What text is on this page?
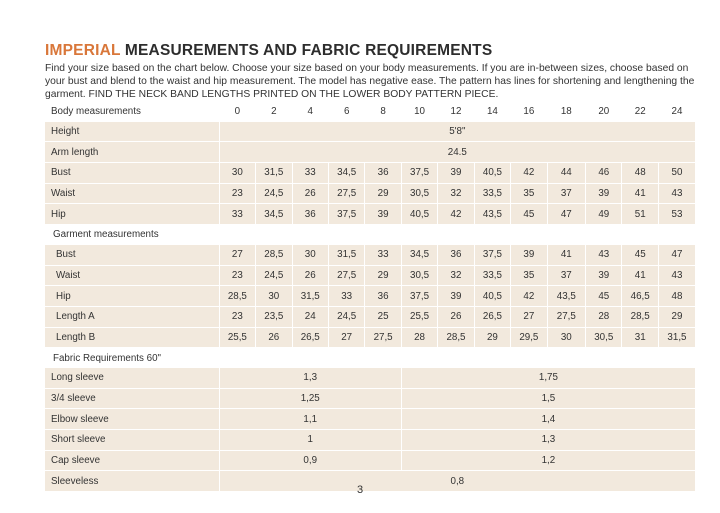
IMPERIAL MEASUREMENTS AND FABRIC REQUIREMENTS
Find your size based on the chart below. Choose your size based on your body measurements. If you are in-between sizes, choose based on your bust and blend to the waist and hip measurement. The model has negative ease. The pattern has lines for shortening and lengthening the garment. FIND THE NECK BAND LENGTHS PRINTED ON THE LOWER BODY PATTERN PIECE.
Body measurements	0	2	4	6	8	10	12	14	16	18	20	22	24
Height	5'8"												
Arm length	24.5												
Bust	30	31,5	33	34,5	36	37,5	39	40,5	42	44	46	48	50
Waist	23	24,5	26	27,5	29	30,5	32	33,5	35	37	39	41	43
Hip	33	34,5	36	37,5	39	40,5	42	43,5	45	47	49	51	53
Garment measurements													
Bust	27	28,5	30	31,5	33	34,5	36	37,5	39	41	43	45	47
Waist	23	24,5	26	27,5	29	30,5	32	33,5	35	37	39	41	43
Hip	28,5	30	31,5	33	36	37,5	39	40,5	42	43,5	45	46,5	48
Length A	23	23,5	24	24,5	25	25,5	26	26,5	27	27,5	28	28,5	29
Length B	25,5	26	26,5	27	27,5	28	28,5	29	29,5	30	30,5	31	31,5
Fabric Requirements 60"													
Long sleeve	1,3					1,75							
3/4 sleeve	1,25					1,5							
Elbow sleeve	1,1					1,4							
Short sleeve	1					1,3							
Cap sleeve	0,9					1,2							
Sleeveless	0,8												
3
